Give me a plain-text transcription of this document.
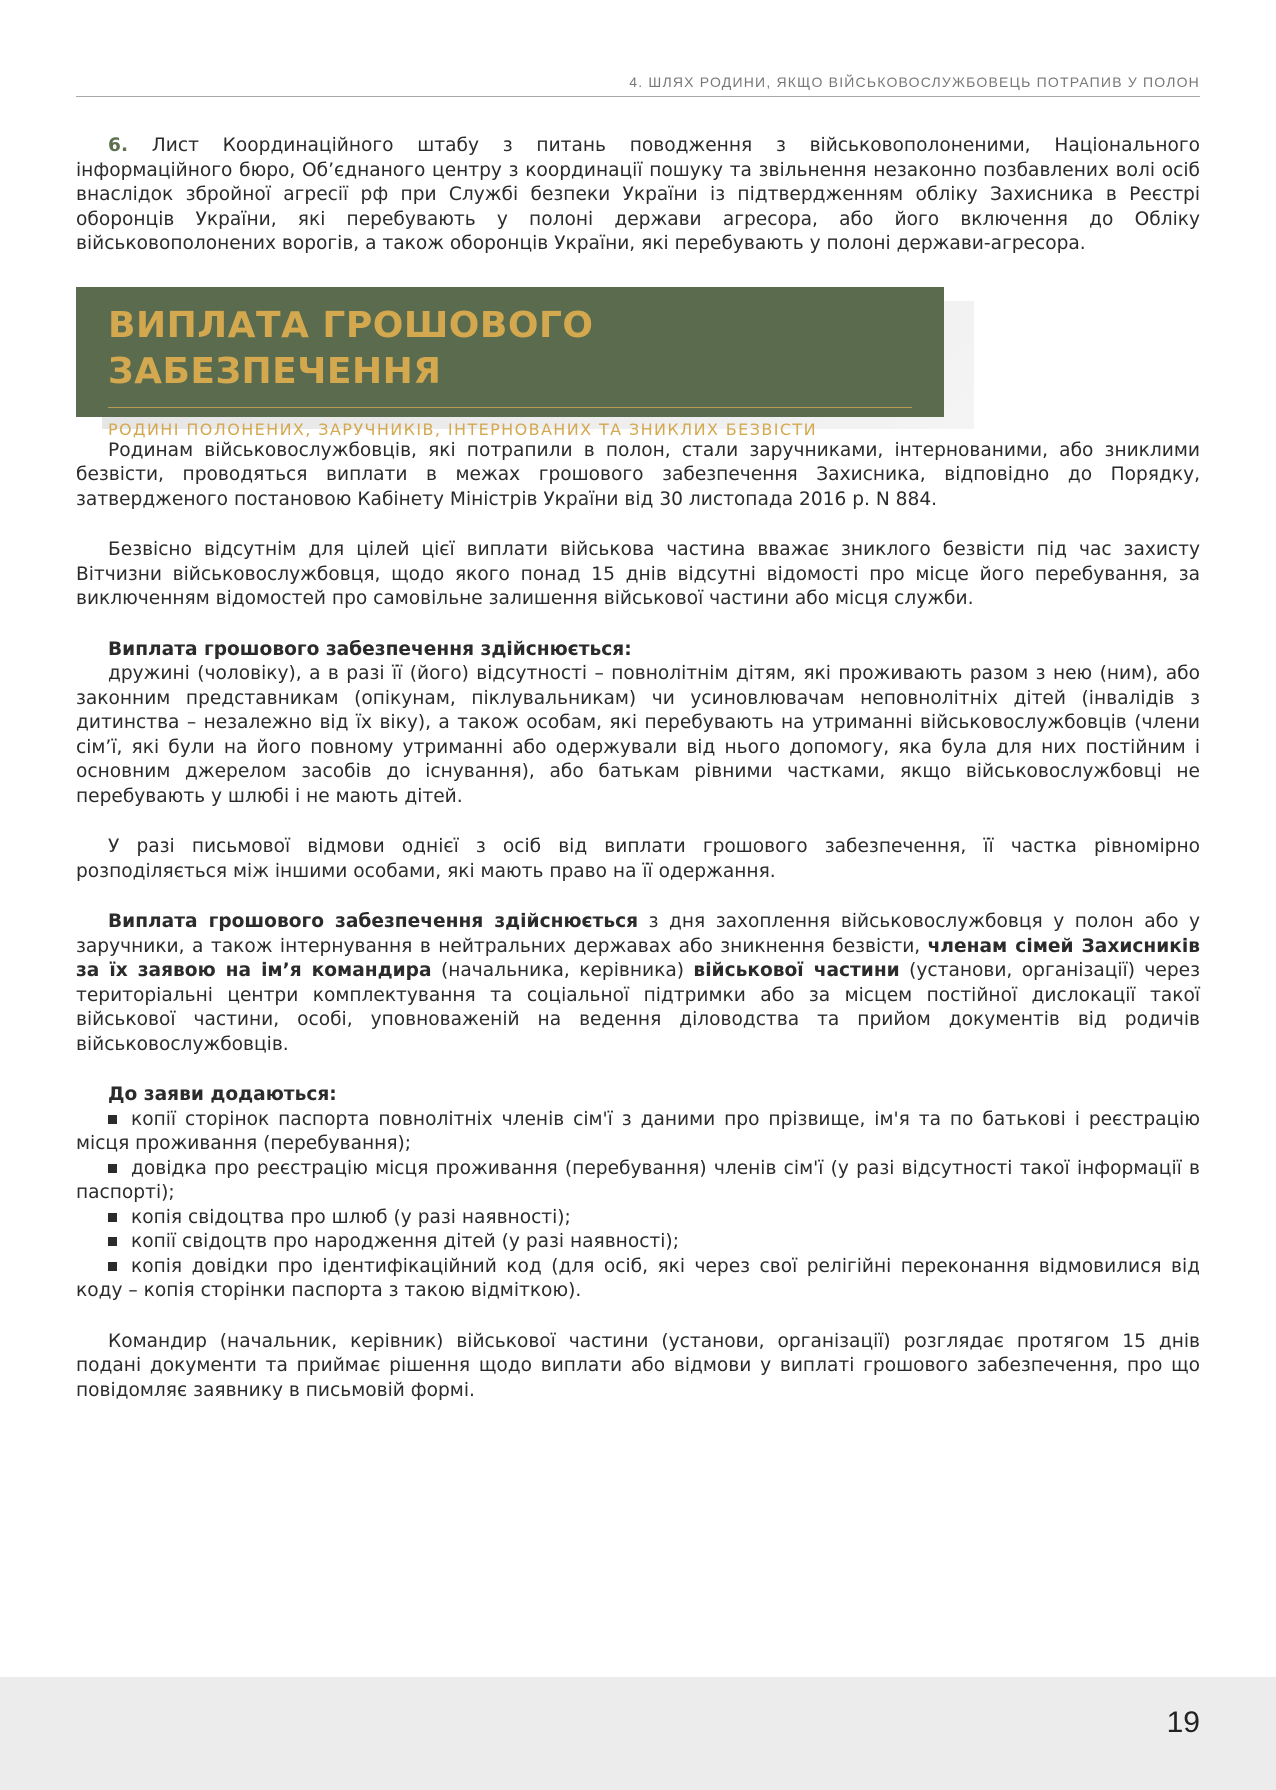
4. ШЛЯХ РОДИНИ, ЯКЩО ВІЙСЬКОВОСЛУЖБОВЕЦЬ ПОТРАПИВ У ПОЛОН

6. Лист Координаційного штабу з питань поводження з військовополоненими, Національного інформаційного бюро, Об’єднаного центру з координації пошуку та звільнення незаконно позбавлених волі осіб внаслідок збройної агресії рф при Службі безпеки України із підтвердженням обліку Захисника в Реєстрі оборонців України, які перебувають у полоні держави агресора, або його включення до Обліку військовополонених ворогів, а також оборонців України, які перебувають у полоні держави-агресора.

ВИПЛАТА ГРОШОВОГО ЗАБЕЗПЕЧЕННЯ
РОДИНІ ПОЛОНЕНИХ, ЗАРУЧНИКІВ, ІНТЕРНОВАНИХ ТА ЗНИКЛИХ БЕЗВІСТИ

Родинам військовослужбовців, які потрапили в полон, стали заручниками, інтернованими, або зниклими безвісти, проводяться виплати в межах грошового забезпечення Захисника, відповідно до Порядку, затвердженого постановою Кабінету Міністрів України від 30 листопада 2016 р. N 884.

Безвісно відсутнім для цілей цієї виплати військова частина вважає зниклого безвісти під час захисту Вітчизни військовослужбовця, щодо якого понад 15 днів відсутні відомості про місце його перебування, за виключенням відомостей про самовільне залишення військової частини або місця служби.

Виплата грошового забезпечення здійснюється:

дружині (чоловіку), а в разі її (його) відсутності – повнолітнім дітям, які проживають разом з нею (ним), або законним представникам (опікунам, піклувальникам) чи усиновлювачам неповнолітніх дітей (інвалідів з дитинства – незалежно від їх віку), а також особам, які перебувають на утриманні військовослужбовців (члени сім’ї, які були на його повному утриманні або одержували від нього допомогу, яка була для них постійним і основним джерелом засобів до існування), або батькам рівними частками, якщо військовослужбовці не перебувають у шлюбі і не мають дітей.

У разі письмової відмови однієї з осіб від виплати грошового забезпечення, її частка рівномірно розподіляється між іншими особами, які мають право на її одержання.

Виплата грошового забезпечення здійснюється з дня захоплення військовослужбовця у полон або у заручники, а також інтернування в нейтральних державах або зникнення безвісти, членам сімей Захисників за їх заявою на ім’я командира (начальника, керівника) військової частини (установи, організації) через територіальні центри комплектування та соціальної підтримки або за місцем постійної дислокації такої військової частини, особі, уповноваженій на ведення діловодства та прийом документів від родичів військовослужбовців.

До заяви додаються:

копії сторінок паспорта повнолітніх членів сім'ї з даними про прізвище, ім'я та по батькові і реєстрацію місця проживання (перебування);

довідка про реєстрацію місця проживання (перебування) членів сім'ї (у разі відсутності такої інформації в паспорті);

копія свідоцтва про шлюб (у разі наявності);

копії свідоцтв про народження дітей (у разі наявності);

копія довідки про ідентифікаційний код (для осіб, які через свої релігійні переконання відмовилися від коду – копія сторінки паспорта з такою відміткою).

Командир (начальник, керівник) військової частини (установи, організації) розглядає протягом 15 днів подані документи та приймає рішення щодо виплати або відмови у виплаті грошового забезпечення, про що повідомляє заявнику в письмовій формі.

19
